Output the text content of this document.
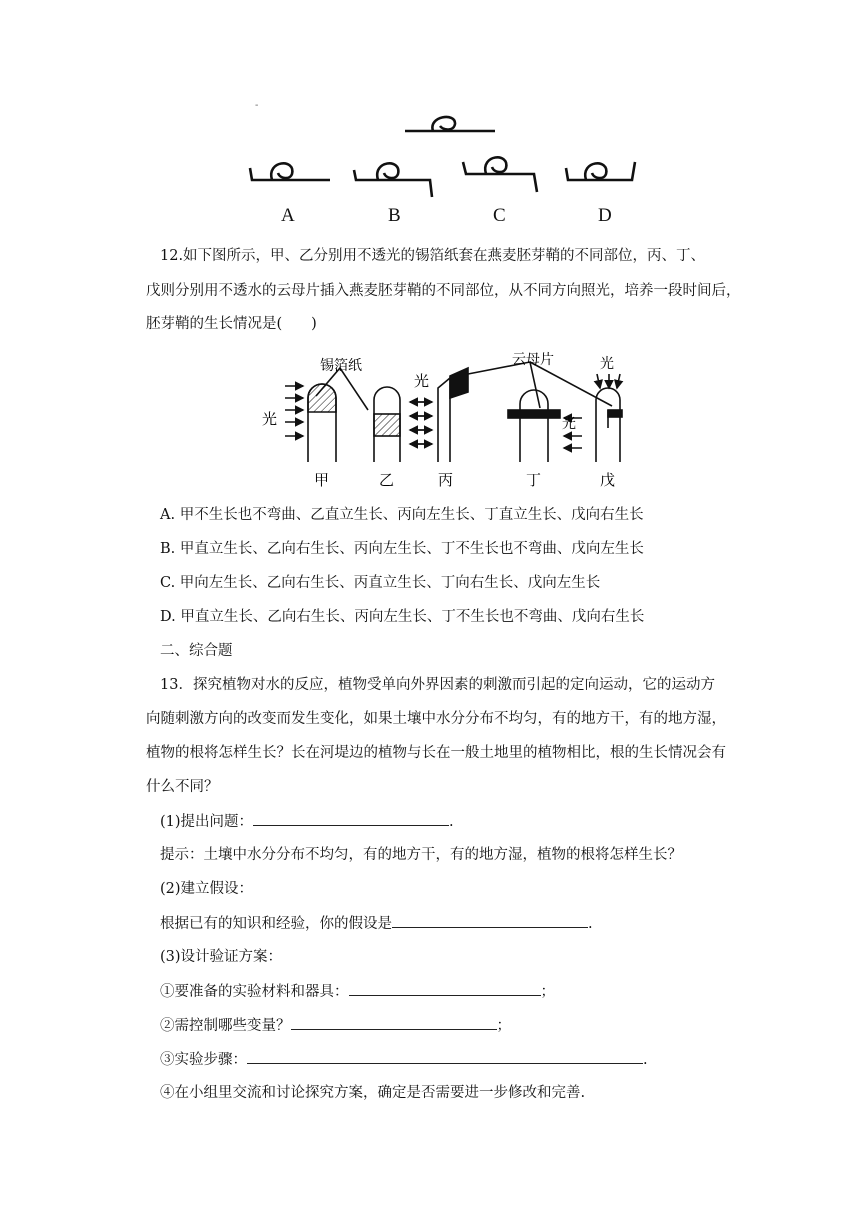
-
A	B	C	D
12.如下图所示，甲、乙分别用不透光的锡箔纸套在燕麦胚芽鞘的不同部位，丙、丁、
戊则分别用不透水的云母片插入燕麦胚芽鞘的不同部位，从不同方向照光，培养一段时间后，
胚芽鞘的生长情况是(　　)
锡箔纸	云母片
光
光
光
光
甲	乙	丙	丁	戊
A. 甲不生长也不弯曲、乙直立生长、丙向左生长、丁直立生长、戊向右生长
B. 甲直立生长、乙向右生长、丙向左生长、丁不生长也不弯曲、戊向左生长
C. 甲向左生长、乙向右生长、丙直立生长、丁向右生长、戊向左生长
D. 甲直立生长、乙向右生长、丙向左生长、丁不生长也不弯曲、戊向右生长
二、综合题
13．探究植物对水的反应，植物受单向外界因素的刺激而引起的定向运动，它的运动方
向随刺激方向的改变而发生变化，如果土壤中水分分布不均匀，有的地方干，有的地方湿，
植物的根将怎样生长？长在河堤边的植物与长在一般土地里的植物相比，根的生长情况会有
什么不同？
(1)提出问题：	.
提示：土壤中水分分布不均匀，有的地方干，有的地方湿，植物的根将怎样生长？
(2)建立假设：
根据已有的知识和经验，你的假设是	.
(3)设计验证方案：
①要准备的实验材料和器具：	；
②需控制哪些变量？	；
③实验步骤：	.
④在小组里交流和讨论探究方案，确定是否需要进一步修改和完善.
